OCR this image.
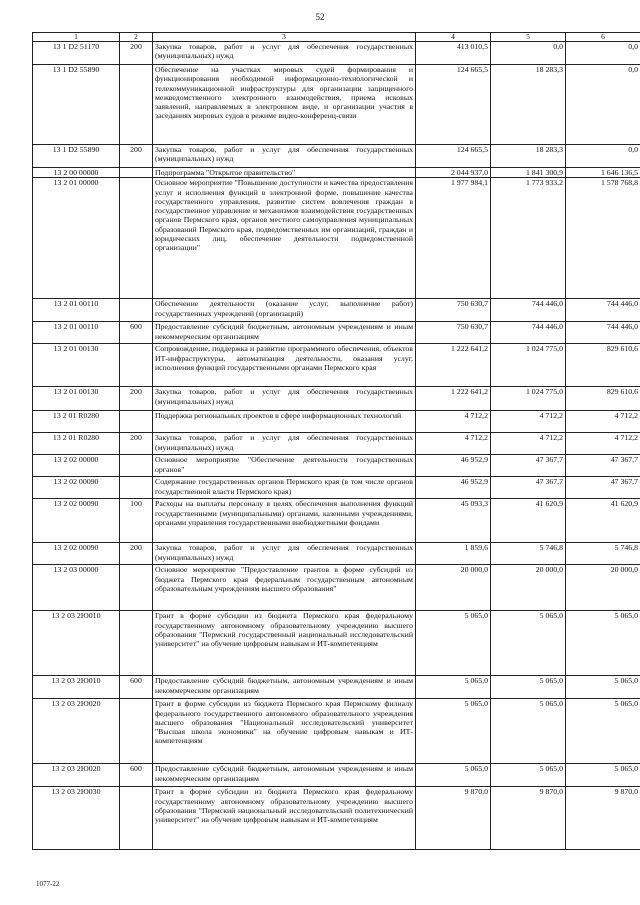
52
1	2	3	4	5	6
13 1 D2 51170	200	Закупка товаров, работ и услуг для обеспечения государственных (муниципальных) нужд	413 010,5	0,0	0,0
13 1 D2 55890		Обеспечение на участках мировых судей формирования и функционирования необходимой информационно-технологической и телекоммуникационной инфраструктуры для организации защищенного межведомственного электронного взаимодействия, приема исковых заявлений, направляемых в электронном виде, и организации участия в заседаниях мировых судов в режиме видео-конференц-связи	124 665,5	18 283,3	0,0
13 1 D2 55890	200	Закупка товаров, работ и услуг для обеспечения государственных (муниципальных) нужд	124 665,5	18 283,3	0,0
13 2 00 00000		Подпрограмма "Открытое правительство"	2 044 937,0	1 841 300,9	1 646 136,5
13 2 01 00000		Основное мероприятие "Повышение доступности и качества предоставления услуг и исполнения функций в электронной форме, повышение качества государственного управления, развитие систем вовлечения граждан в государственное управление и механизмов взаимодействия государственных органов Пермского края, органов местного самоуправления муниципальных образований Пермского края, подведомственных им организаций, граждан и юридических лиц, обеспечение деятельности подведомственной организации"	1 977 984,1	1 773 933,2	1 578 768,8
13 2 01 00110		Обеспечение деятельности (оказание услуг, выполнение работ) государственных учреждений (организаций)	750 630,7	744 446,0	744 446,0
13 2 01 00110	600	Предоставление субсидий бюджетным, автономным учреждениям и иным некоммерческим организациям	750 630,7	744 446,0	744 446,0
13 2 01 00130		Сопровождение, поддержка и развитие программного обеспечения, объектов ИТ-инфраструктуры, автоматизация деятельности, оказания услуг, исполнения функций государственными органами Пермского края	1 222 641,2	1 024 775,0	829 610,6
13 2 01 00130	200	Закупка товаров, работ и услуг для обеспечения государственных (муниципальных) нужд	1 222 641,2	1 024 775,0	829 610,6
13 2 01 R0280		Поддержка региональных проектов в сфере информационных технологий	4 712,2	4 712,2	4 712,2
13 2 01 R0280	200	Закупка товаров, работ и услуг для обеспечения государственных (муниципальных) нужд	4 712,2	4 712,2	4 712,2
13 2 02 00000		Основное мероприятие "Обеспечение деятельности государственных органов"	46 952,9	47 367,7	47 367,7
13 2 02 00090		Содержание государственных органов Пермского края (в том числе органов государственной власти Пермского края)	46 952,9	47 367,7	47 367,7
13 2 02 00090	100	Расходы на выплаты персоналу в целях обеспечения выполнения функций государственными (муниципальными) органами, казенными учреждениями, органами управления государственными внебюджетными фондами	45 093,3	41 620,9	41 620,9
13 2 02 00090	200	Закупка товаров, работ и услуг для обеспечения государственных (муниципальных) нужд	1 859,6	5 746,8	5 746,8
13 2 03 00000		Основное мероприятие "Предоставление грантов в форме субсидий из бюджета Пермского края федеральным государственным автономным образовательным учреждениям высшего образования"	20 000,0	20 000,0	20 000,0
13 2 03 2Ю010		Грант в форме субсидии из бюджета Пермского края федеральному государственному автономному образовательному учреждению высшего образования "Пермский государственный национальный исследовательский университет" на обучение цифровым навыкам и ИТ-компетенциям	5 065,0	5 065,0	5 065,0
13 2 03 2Ю010	600	Предоставление субсидий бюджетным, автономным учреждениям и иным некоммерческим организациям	5 065,0	5 065,0	5 065,0
13 2 03 2Ю020		Грант в форме субсидии из бюджета Пермского края Пермскому филиалу федерального государственного автономного образовательного учреждения высшего образования "Национальный исследовательский университет "Высшая школа экономики" на обучение цифровым навыкам и ИТ-компетенциям	5 065,0	5 065,0	5 065,0
13 2 03 2Ю020	600	Предоставление субсидий бюджетным, автономным учреждениям и иным некоммерческим организациям	5 065,0	5 065,0	5 065,0
13 2 03 2Ю030		Грант в форме субсидии из бюджета Пермского края федеральному государственному автономному образовательному учреждению высшего образования "Пермский национальный исследовательский политехнический университет" на обучение цифровым навыкам и ИТ-компетенциям	9 870,0	9 870,0	9 870,0
1077-22
